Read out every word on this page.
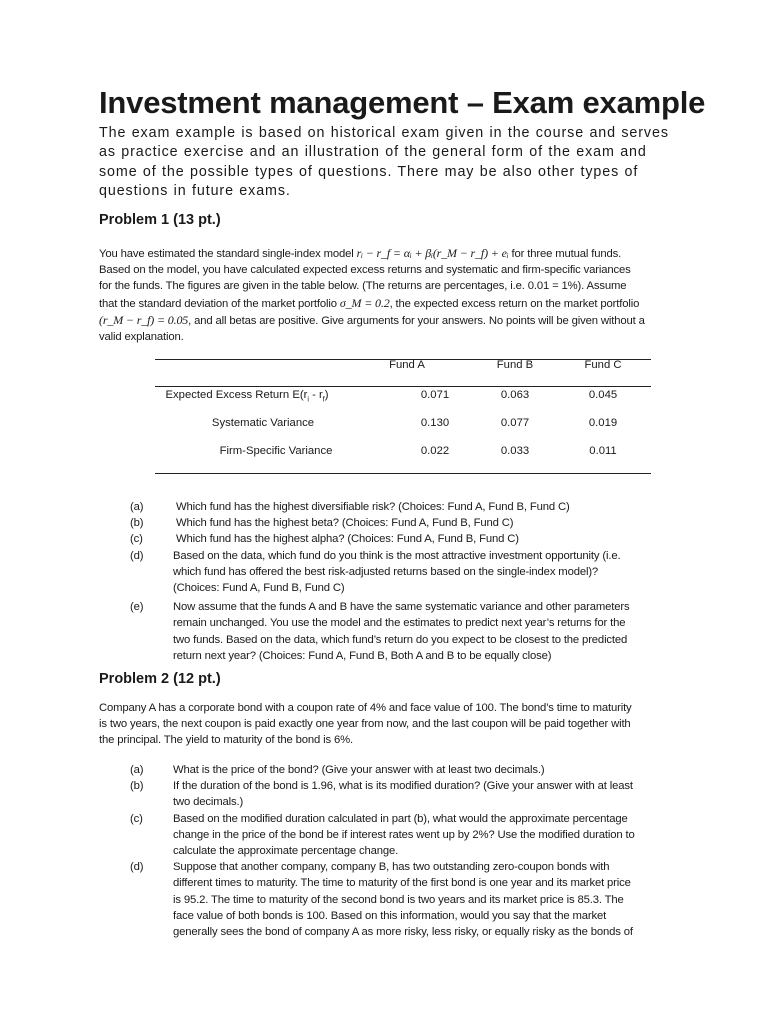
Investment management – Exam example

The exam example is based on historical exam given in the course and serves
as practice exercise and an illustration of the general form of the exam and
some of the possible types of questions. There may be also other types of
questions in future exams.

Problem 1 (13 pt.)

You have estimated the standard single-index model rᵢ − r_f = αᵢ + βᵢ(r_M − r_f) + eᵢ for three mutual funds.
Based on the model, you have calculated expected excess returns and systematic and firm-specific variances
for the funds. The figures are given in the table below. (The returns are percentages, i.e. 0.01 = 1%). Assume
that the standard deviation of the market portfolio σ_M = 0.2, the expected excess return on the market portfolio
(r_M − r_f) = 0.05, and all betas are positive. Give arguments for your answers. No points will be given without a
valid explanation.

Fund A	Fund B	Fund C
Expected Excess Return $E(r_i - r_f)$	0.071	0.063	0.045
Systematic Variance	0.130	0.077	0.019
Firm-Specific Variance	0.022	0.033	0.011
(a)	Which fund has the highest diversifiable risk? (Choices: Fund A, Fund B, Fund C)
(b)	Which fund has the highest beta? (Choices: Fund A, Fund B, Fund C)
(c)	Which fund has the highest alpha? (Choices: Fund A, Fund B, Fund C)
(d)	Based on the data, which fund do you think is the most attractive investment opportunity (i.e.
which fund has offered the best risk-adjusted returns based on the single-index model)?
(Choices: Fund A, Fund B, Fund C)
(e)	Now assume that the funds A and B have the same systematic variance and other parameters
remain unchanged. You use the model and the estimates to predict next year’s returns for the
two funds. Based on the data, which fund’s return do you expect to be closest to the predicted
return next year? (Choices: Fund A, Fund B, Both A and B to be equally close)
Problem 2 (12 pt.)

Company A has a corporate bond with a coupon rate of 4% and face value of 100. The bond’s time to maturity
is two years, the next coupon is paid exactly one year from now, and the last coupon will be paid together with
the principal. The yield to maturity of the bond is 6%.

(a)	What is the price of the bond? (Give your answer with at least two decimals.)
(b)	If the duration of the bond is 1.96, what is its modified duration? (Give your answer with at least
two decimals.)
(c)	Based on the modified duration calculated in part (b), what would the approximate percentage
change in the price of the bond be if interest rates went up by 2%? Use the modified duration to
calculate the approximate percentage change.
(d)	Suppose that another company, company B, has two outstanding zero-coupon bonds with
different times to maturity. The time to maturity of the first bond is one year and its market price
is 95.2. The time to maturity of the second bond is two years and its market price is 85.3. The
face value of both bonds is 100. Based on this information, would you say that the market
generally sees the bond of company A as more risky, less risky, or equally risky as the bonds of
